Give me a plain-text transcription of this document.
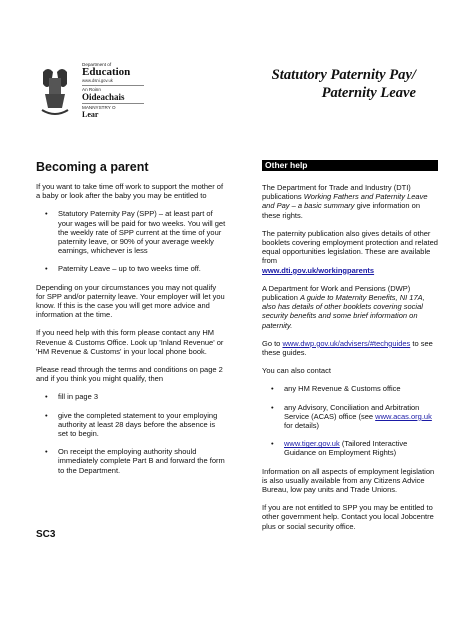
Department of
Education
www.dsni.gov.uk
An Roinn
Oideachais
MANNYSTRY O
Lear
Statutory Paternity Pay/
Paternity Leave
Becoming a parent

If you want to take time off work to support the mother of a baby or look after the baby you may be entitled to

• Statutory Paternity Pay (SPP) – at least part of your wages will be paid for two weeks. You will get the weekly rate of SPP current at the time of your paternity leave, or 90% of your average weekly earnings, whichever is less
• Paternity Leave – up to two weeks time off.

Depending on your circumstances you may not qualify for SPP and/or paternity leave. Your employer will let you know. If this is the case you will get more advice and information at the time.

If you need help with this form please contact any HM Revenue & Customs Office. Look up 'Inland Revenue' or 'HM Revenue & Customs' in your local phone book.

Please read through the terms and conditions on page 2 and if you think you might qualify, then

• fill in page 3
• give the completed statement to your employing authority at least 28 days before the absence is set to begin.
• On receipt the employing authority should immediately complete Part B and forward the form to the Department.
SC3
Other help

The Department for Trade and Industry (DTI) publications Working Fathers and Paternity Leave and Pay – a basic summary give information on these rights.

The paternity publication also gives details of other booklets covering employment protection and related equal opportunities legislation. These are available from
www.dti.gov.uk/workingparents

A Department for Work and Pensions (DWP) publication A guide to Maternity Benefits, NI 17A, also has details of other booklets covering social security benefits and some brief information on paternity.

Go to www.dwp.gov.uk/advisers/#techguides to see these guides.

You can also contact

• any HM Revenue & Customs office
• any Advisory, Conciliation and Arbitration Service (ACAS) office (see www.acas.org.uk for details)
• www.tiger.gov.uk (Tailored Interactive Guidance on Employment Rights)

Information on all aspects of employment legislation is also usually available from any Citizens Advice Bureau, low pay units and Trade Unions.

If you are not entitled to SPP you may be entitled to other government help. Contact you local Jobcentre plus or social security office.
